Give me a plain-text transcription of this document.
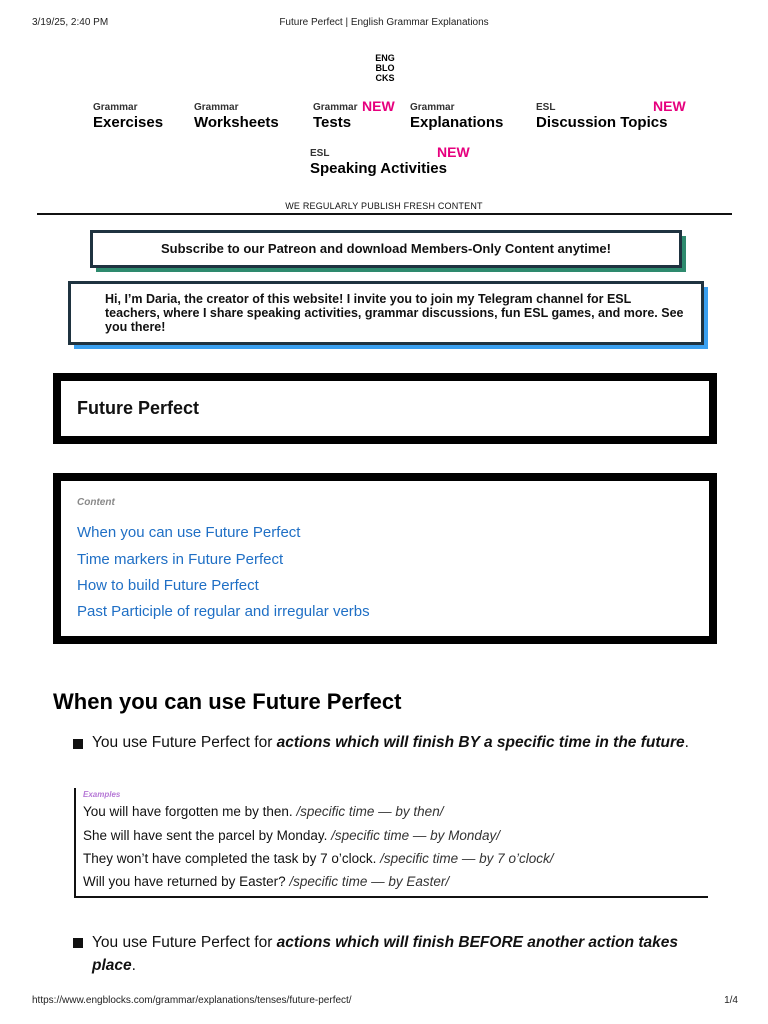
3/19/25, 2:40 PM	Future Perfect | English Grammar Explanations
ENG
BLO
CKS
Grammar
Exercises
Grammar
Worksheets
Grammar
Tests
NEW Grammar
Explanations
ESL
Discussion Topics
NEW
ESL
Speaking Activities
NEW
WE REGULARLY PUBLISH FRESH CONTENT
Subscribe to our Patreon and download Members-Only Content anytime!
Hi, I’m Daria, the creator of this website! I invite you to join my Telegram channel for ESL teachers, where I share speaking activities, grammar discussions, fun ESL games, and more. See you there!
Future Perfect
Content
When you can use Future Perfect
Time markers in Future Perfect
How to build Future Perfect
Past Participle of regular and irregular verbs
When you can use Future Perfect
You use Future Perfect for actions which will finish BY a specific time in the future.
Examples
You will have forgotten me by then. /specific time — by then/
She will have sent the parcel by Monday. /specific time — by Monday/
They won’t have completed the task by 7 o’clock. /specific time — by 7 o’clock/
Will you have returned by Easter? /specific time — by Easter/
You use Future Perfect for actions which will finish BEFORE another action takes place.
https://www.engblocks.com/grammar/explanations/tenses/future-perfect/	1/4
